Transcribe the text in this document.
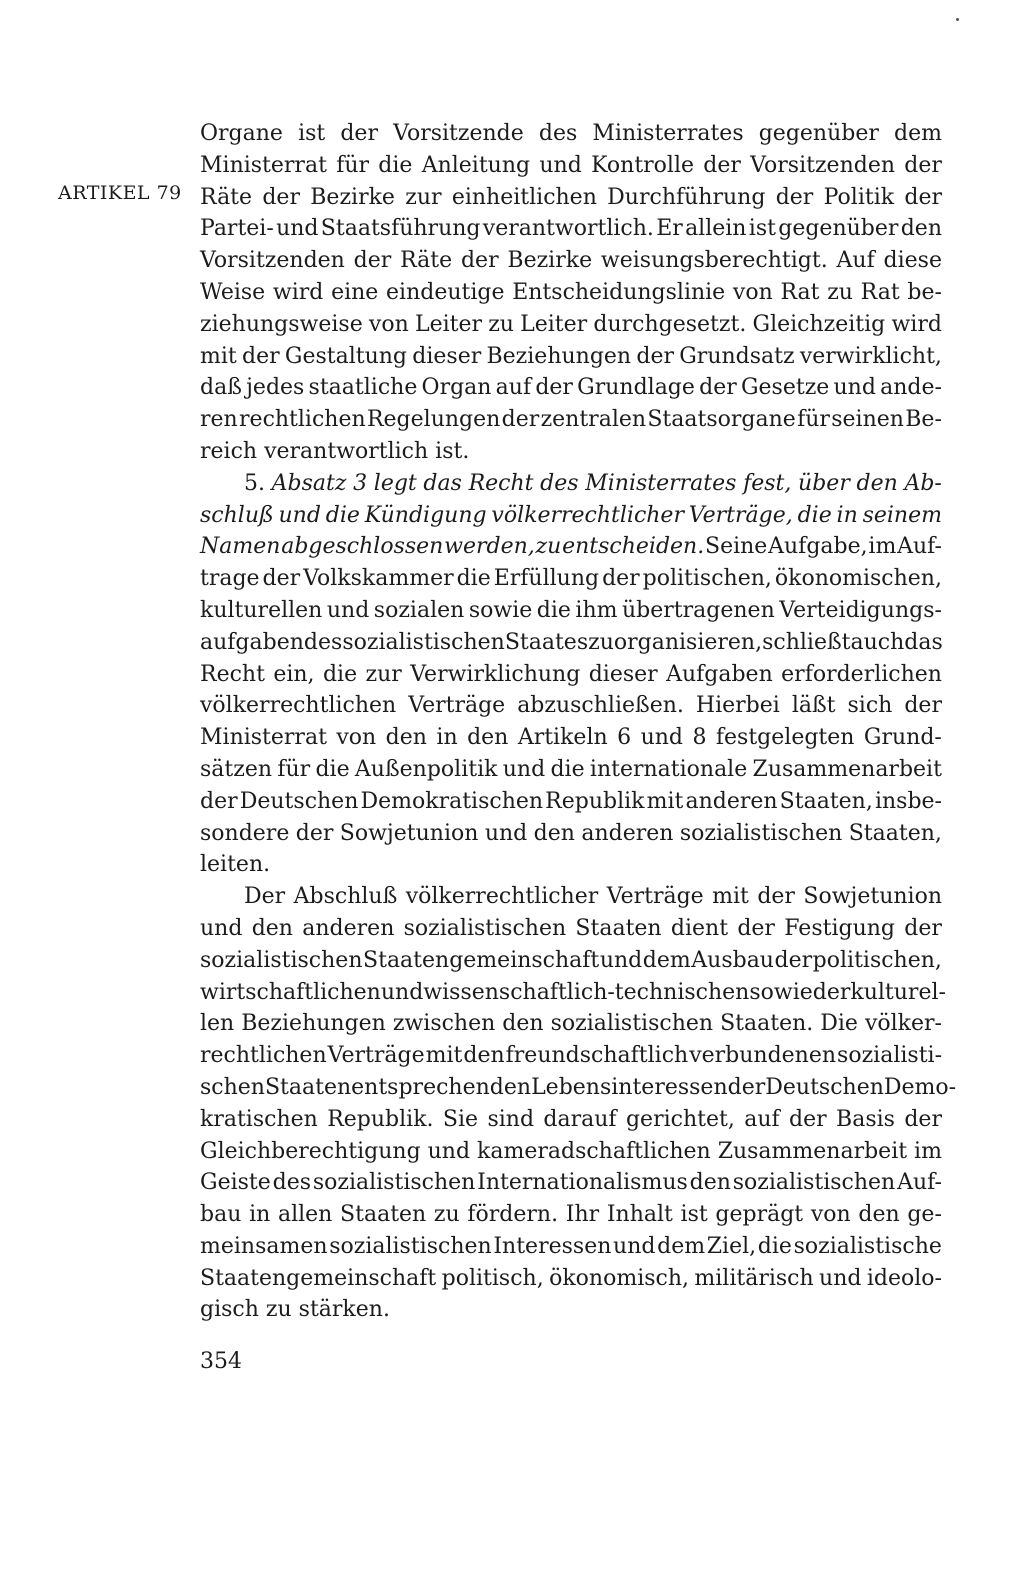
ARTIKEL 79
Organe ist der Vorsitzende des Ministerrates gegenüber dem
Ministerrat für die Anleitung und Kontrolle der Vorsitzenden der
Räte der Bezirke zur einheitlichen Durchführung der Politik der
Partei- und Staatsführung verantwortlich. Er allein ist gegenüber den
Vorsitzenden der Räte der Bezirke weisungsberechtigt. Auf diese
Weise wird eine eindeutige Entscheidungslinie von Rat zu Rat be-
ziehungsweise von Leiter zu Leiter durchgesetzt. Gleichzeitig wird
mit der Gestaltung dieser Beziehungen der Grundsatz verwirklicht,
daß jedes staatliche Organ auf der Grundlage der Gesetze und ande-
ren rechtlichen Regelungen der zentralen Staatsorgane für seinen Be-
reich verantwortlich ist.
5. Absatz 3 legt das Recht des Ministerrates fest, über den Ab-
schluß und die Kündigung völkerrechtlicher Verträge, die in seinem
Namen abgeschlossen werden, zu entscheiden. Seine Aufgabe, im Auf-
trage der Volkskammer die Erfüllung der politischen, ökonomischen,
kulturellen und sozialen sowie die ihm übertragenen Verteidigungs-
aufgaben des sozialistischen Staates zu organisieren, schließt auch das
Recht ein, die zur Verwirklichung dieser Aufgaben erforderlichen
völkerrechtlichen Verträge abzuschließen. Hierbei läßt sich der
Ministerrat von den in den Artikeln 6 und 8 festgelegten Grund-
sätzen für die Außenpolitik und die internationale Zusammenarbeit
der Deutschen Demokratischen Republik mit anderen Staaten, insbe-
sondere der Sowjetunion und den anderen sozialistischen Staaten,
leiten.
Der Abschluß völkerrechtlicher Verträge mit der Sowjetunion
und den anderen sozialistischen Staaten dient der Festigung der
sozialistischen Staatengemeinschaft und dem Ausbau der politischen,
wirtschaftlichen und wissenschaftlich-technischen sowie der kulturel-
len Beziehungen zwischen den sozialistischen Staaten. Die völker-
rechtlichen Verträge mit den freundschaftlich verbundenen sozialisti-
schen Staaten entsprechen den Lebensinteressen der Deutschen Demo-
kratischen Republik. Sie sind darauf gerichtet, auf der Basis der
Gleichberechtigung und kameradschaftlichen Zusammenarbeit im
Geiste des sozialistischen Internationalismus den sozialistischen Auf-
bau in allen Staaten zu fördern. Ihr Inhalt ist geprägt von den ge-
meinsamen sozialistischen Interessen und dem Ziel, die sozialistische
Staatengemeinschaft politisch, ökonomisch, militärisch und ideolo-
gisch zu stärken.
354
